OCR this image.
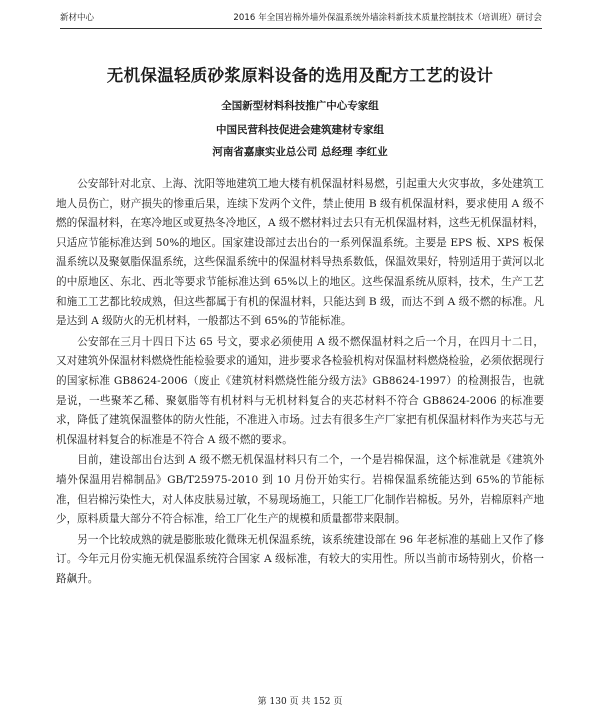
新材中心	2016 年全国岩棉外墙外保温系统外墙涂料新技术质量控制技术（培训班）研讨会
无机保温轻质砂浆原料设备的选用及配方工艺的设计
全国新型材料科技推广中心专家组
中国民营科技促进会建筑建材专家组
河南省嘉康实业总公司 总经理 李红业

公安部针对北京、上海、沈阳等地建筑工地大楼有机保温材料易燃，引起重大火灾事故，多处建筑工地人员伤亡，财产损失的惨重后果，连续下发两个文件，禁止使用 B 级有机保温材料，要求使用 A 级不燃的保温材料，在寒冷地区或夏热冬冷地区，A 级不燃材料过去只有无机保温材料，这些无机保温材料，只适应节能标准达到 50%的地区。国家建设部过去出台的一系列保温系统。主要是 EPS 板、XPS 板保温系统以及聚氨脂保温系统，这些保温系统中的保温材料导热系数低，保温效果好，特别适用于黄河以北的中原地区、东北、西北等要求节能标准达到 65%以上的地区。这些保温系统从原料，技术，生产工艺和施工工艺都比较成熟，但这些都属于有机的保温材料，只能达到 B 级，而达不到 A 级不燃的标准。凡是达到 A 级防火的无机材料，一般都达不到 65%的节能标准。

公安部在三月十四日下达 65 号文，要求必须使用 A 级不燃保温材料之后一个月，在四月十二日，又对建筑外保温材料燃烧性能检验要求的通知，进步要求各检验机构对保温材料燃烧检验，必须依据现行的国家标准 GB8624-2006（废止《建筑材料燃烧性能分级方法》GB8624-1997）的检测报告，也就是说，一些聚苯乙稀、聚氨脂等有机材料与无机材料复合的夹芯材料不符合 GB8624-2006 的标准要求，降低了建筑保温整体的防火性能，不准进入市场。过去有很多生产厂家把有机保温材料作为夹芯与无机保温材料复合的标准是不符合 A 级不燃的要求。

目前，建设部出台达到 A 级不燃无机保温材料只有二个，一个是岩棉保温，这个标准就是《建筑外墙外保温用岩棉制品》GB/T25975-2010 到 10 月份开始实行。岩棉保温系统能达到 65%的节能标准，但岩棉污染性大，对人体皮肤易过敏，不易现场施工，只能工厂化制作岩棉板。另外，岩棉原料产地少，原料质量大部分不符合标准，给工厂化生产的规模和质量都带来限制。

另一个比较成熟的就是膨胀玻化微珠无机保温系统，该系统建设部在 96 年老标准的基础上又作了修订。今年元月份实施无机保温系统符合国家 A 级标准，有较大的实用性。所以当前市场特别火，价格一路飙升。

第 130 页 共 152 页
